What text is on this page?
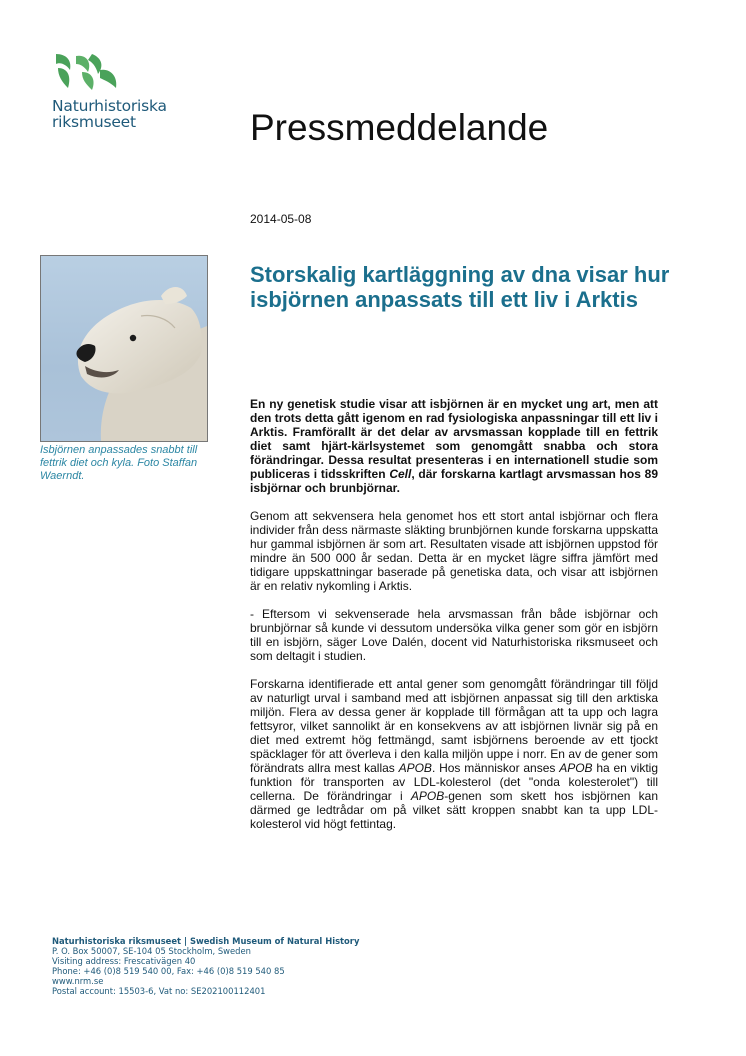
Naturhistoriska
riksmuseet	Pressmeddelande
2014-05-08
Isbjörnen anpassades snabbt till fettrik diet och kyla. Foto Staffan Waerndt.
Storskalig kartläggning av dna visar hur isbjörnen anpassats till ett liv i Arktis

En ny genetisk studie visar att isbjörnen är en mycket ung art, men att den trots detta gått igenom en rad fysiologiska anpassningar till ett liv i Arktis. Framförallt är det delar av arvsmassan kopplade till en fettrik diet samt hjärt-kärlsystemet som genomgått snabba och stora förändringar. Dessa resultat presenteras i en internationell studie som publiceras i tidsskriften Cell, där forskarna kartlagt arvsmassan hos 89 isbjörnar och brunbjörnar.

Genom att sekvensera hela genomet hos ett stort antal isbjörnar och flera individer från dess närmaste släkting brunbjörnen kunde forskarna uppskatta hur gammal isbjörnen är som art. Resultaten visade att isbjörnen uppstod för mindre än 500 000 år sedan. Detta är en mycket lägre siffra jämfört med tidigare uppskattningar baserade på genetiska data, och visar att isbjörnen är en relativ nykomling i Arktis.

- Eftersom vi sekvenserade hela arvsmassan från både isbjörnar och brunbjörnar så kunde vi dessutom undersöka vilka gener som gör en isbjörn till en isbjörn, säger Love Dalén, docent vid Naturhistoriska riksmuseet och som deltagit i studien.

Forskarna identifierade ett antal gener som genomgått förändringar till följd av naturligt urval i samband med att isbjörnen anpassat sig till den arktiska miljön. Flera av dessa gener är kopplade till förmågan att ta upp och lagra fettsyror, vilket sannolikt är en konsekvens av att isbjörnen livnär sig på en diet med extremt hög fettmängd, samt isbjörnens beroende av ett tjockt späcklager för att överleva i den kalla miljön uppe i norr. En av de gener som förändrats allra mest kallas APOB. Hos människor anses APOB ha en viktig funktion för transporten av LDL-kolesterol (det "onda kolesterolet") till cellerna. De förändringar i APOB-genen som skett hos isbjörnen kan därmed ge ledtrådar om på vilket sätt kroppen snabbt kan ta upp LDL-kolesterol vid högt fettintag.

Naturhistoriska riksmuseet | Swedish Museum of Natural History
P. O. Box 50007, SE-104 05 Stockholm, Sweden
Visiting address: Frescativägen 40
Phone: +46 (0)8 519 540 00, Fax: +46 (0)8 519 540 85
www.nrm.se
Postal account: 15503-6, Vat no: SE202100112401
